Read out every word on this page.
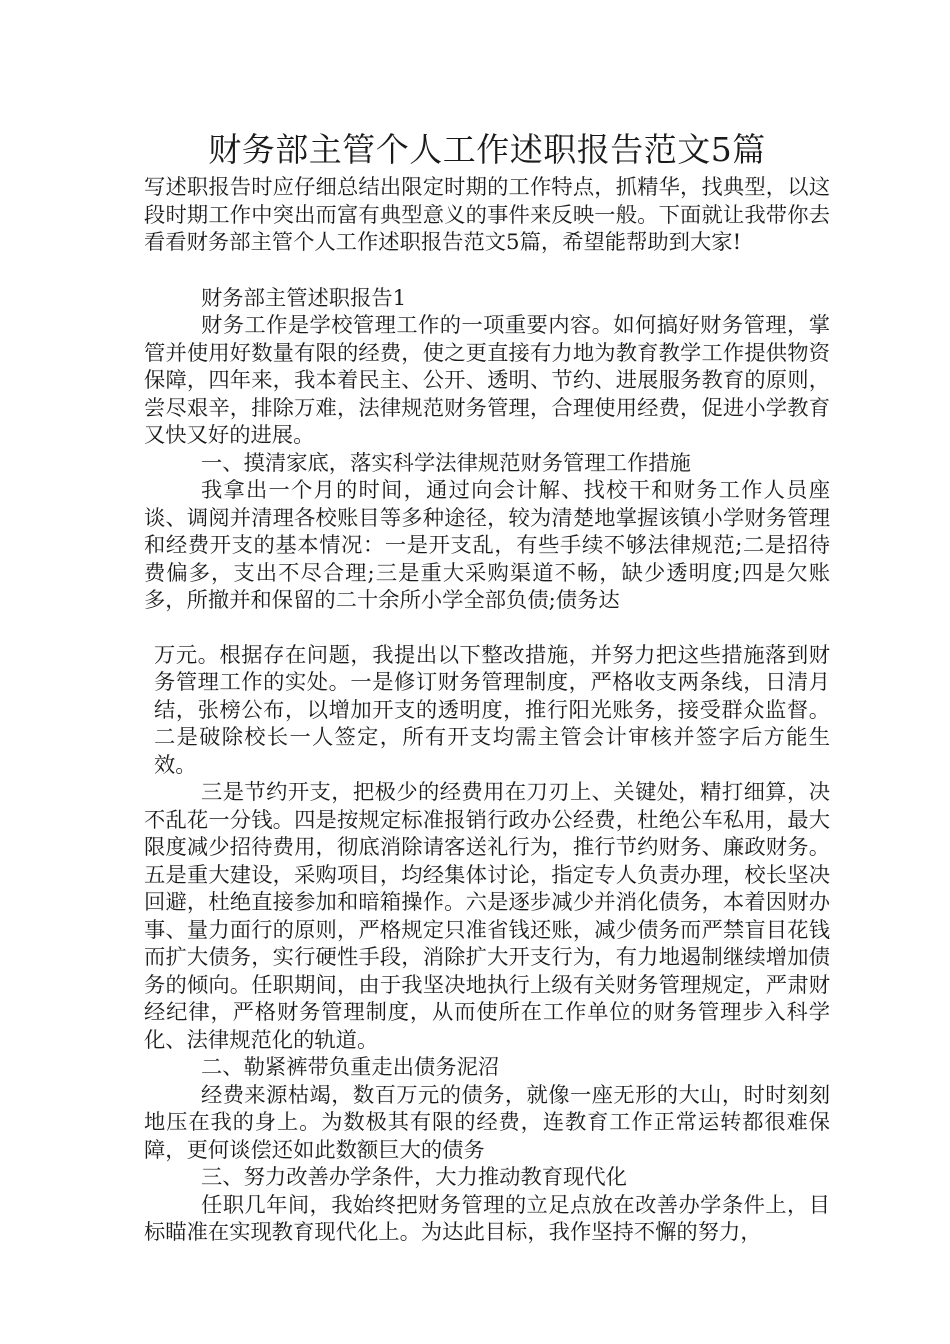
财务部主管个人工作述职报告范文5篇

写述职报告时应仔细总结出限定时期的工作特点，抓精华，找典型，以这段时期工作中突出而富有典型意义的事件来反映一般。下面就让我带你去看看财务部主管个人工作述职报告范文5篇，希望能帮助到大家!

财务部主管述职报告1

财务工作是学校管理工作的一项重要内容。如何搞好财务管理，掌管并使用好数量有限的经费，使之更直接有力地为教育教学工作提供物资保障，四年来，我本着民主、公开、透明、节约、进展服务教育的原则，尝尽艰辛，排除万难，法律规范财务管理，合理使用经费，促进小学教育又快又好的进展。

一、摸清家底，落实科学法律规范财务管理工作措施

我拿出一个月的时间，通过向会计解、找校干和财务工作人员座谈、调阅并清理各校账目等多种途径，较为清楚地掌握该镇小学财务管理和经费开支的基本情况：一是开支乱，有些手续不够法律规范;二是招待费偏多，支出不尽合理;三是重大采购渠道不畅，缺少透明度;四是欠账多，所撤并和保留的二十余所小学全部负债;债务达

万元。根据存在问题，我提出以下整改措施，并努力把这些措施落到财务管理工作的实处。一是修订财务管理制度，严格收支两条线，日清月结，张榜公布，以增加开支的透明度，推行阳光账务，接受群众监督。二是破除校长一人签定，所有开支均需主管会计审核并签字后方能生效。

三是节约开支，把极少的经费用在刀刃上、关键处，精打细算，决不乱花一分钱。四是按规定标准报销行政办公经费，杜绝公车私用，最大限度减少招待费用，彻底消除请客送礼行为，推行节约财务、廉政财务。五是重大建设，采购项目，均经集体讨论，指定专人负责办理，校长坚决回避，杜绝直接参加和暗箱操作。六是逐步减少并消化债务，本着因财办事、量力面行的原则，严格规定只准省钱还账，减少债务而严禁盲目花钱而扩大债务，实行硬性手段，消除扩大开支行为，有力地遏制继续增加债务的倾向。任职期间，由于我坚决地执行上级有关财务管理规定，严肃财经纪律，严格财务管理制度，从而使所在工作单位的财务管理步入科学化、法律规范化的轨道。

二、勒紧裤带负重走出债务泥沼

经费来源枯竭，数百万元的债务，就像一座无形的大山，时时刻刻地压在我的身上。为数极其有限的经费，连教育工作正常运转都很难保障，更何谈偿还如此数额巨大的债务

三、努力改善办学条件，大力推动教育现代化

任职几年间，我始终把财务管理的立足点放在改善办学条件上，目标瞄准在实现教育现代化上。为达此目标，我作坚持不懈的努力，
